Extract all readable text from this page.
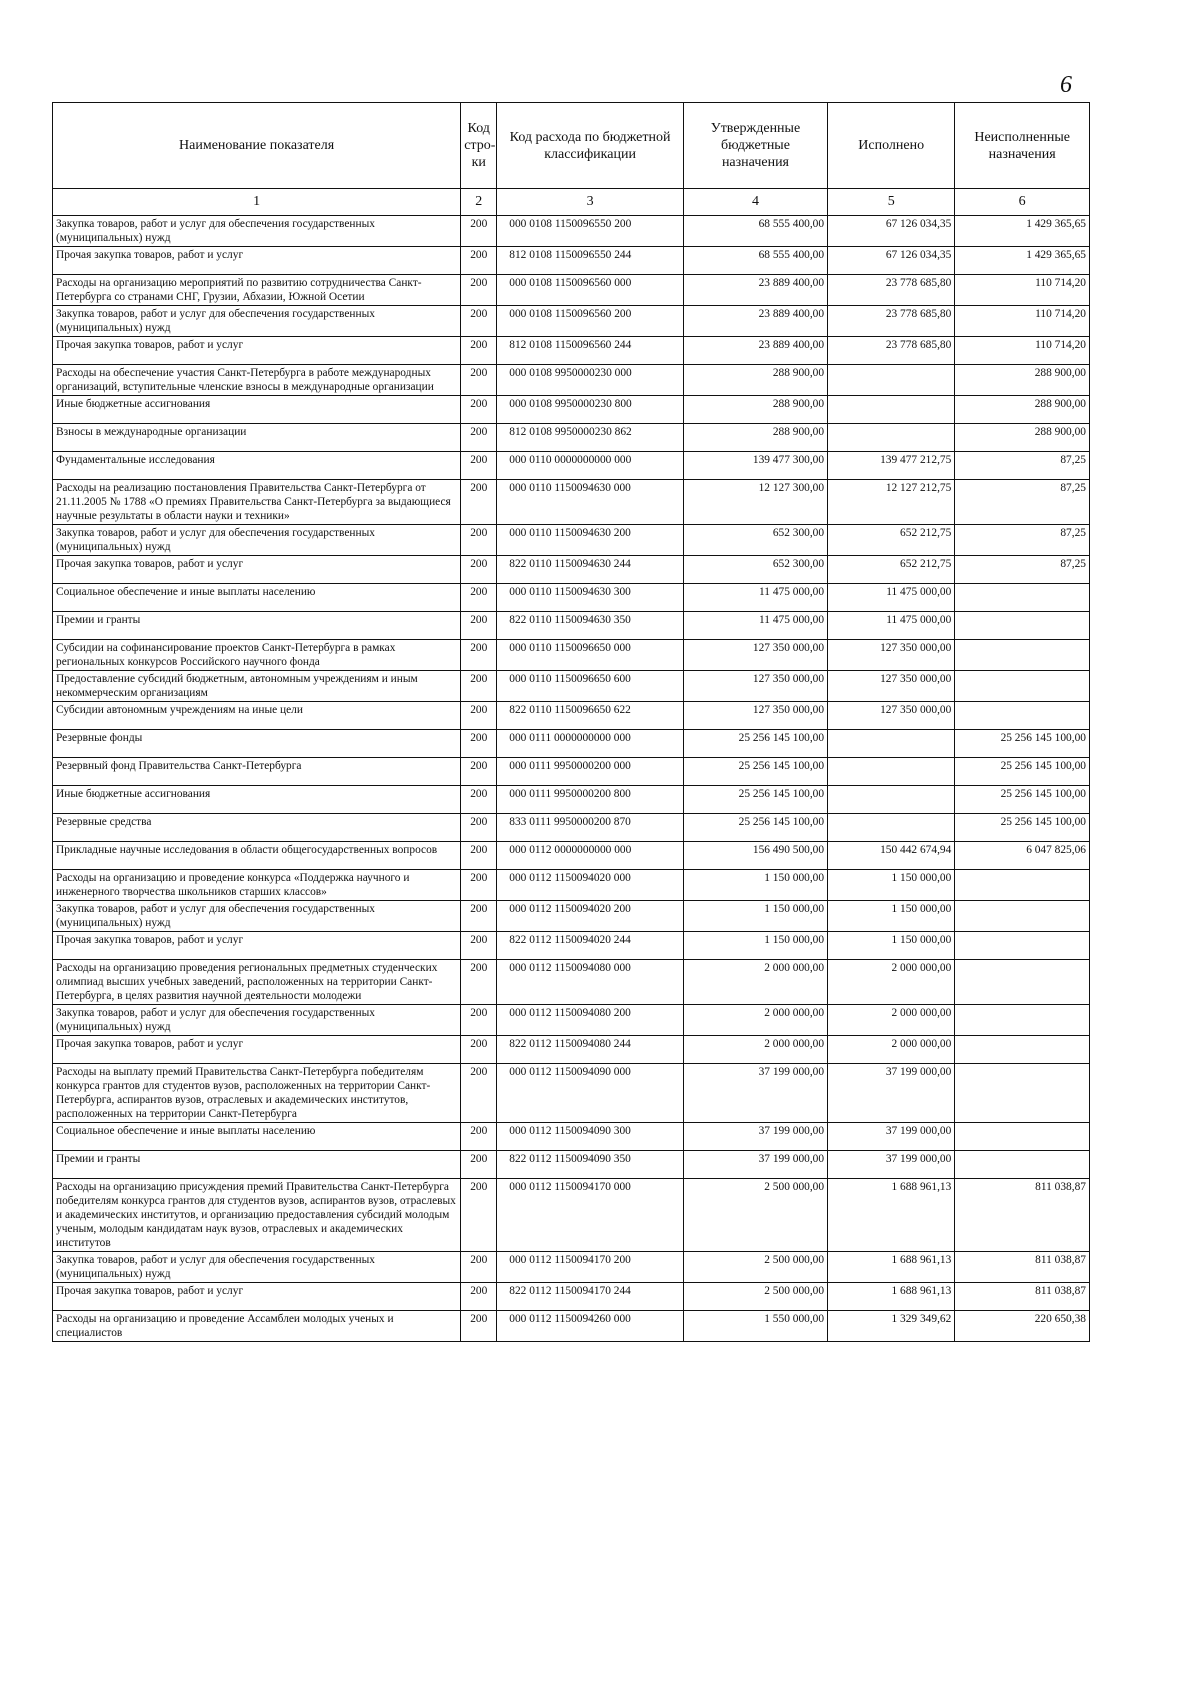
6
Наименование показателя	Код стро-ки	Код расхода по бюджетной классификации	Утвержденные бюджетные назначения	Исполнено	Неисполненные назначения
1	2	3	4	5	6
Закупка товаров, работ и услуг для обеспечения государственных (муниципальных) нужд	200	000 0108 1150096550 200	68 555 400,00	67 126 034,35	1 429 365,65
Прочая закупка товаров, работ и услуг	200	812 0108 1150096550 244	68 555 400,00	67 126 034,35	1 429 365,65
Расходы на организацию мероприятий по развитию сотрудничества Санкт-Петербурга со странами СНГ, Грузии, Абхазии, Южной Осетии	200	000 0108 1150096560 000	23 889 400,00	23 778 685,80	110 714,20
Закупка товаров, работ и услуг для обеспечения государственных (муниципальных) нужд	200	000 0108 1150096560 200	23 889 400,00	23 778 685,80	110 714,20
Прочая закупка товаров, работ и услуг	200	812 0108 1150096560 244	23 889 400,00	23 778 685,80	110 714,20
Расходы на обеспечение участия Санкт-Петербурга в работе международных организаций, вступительные членские взносы в международные организации	200	000 0108 9950000230 000	288 900,00		288 900,00
Иные бюджетные ассигнования	200	000 0108 9950000230 800	288 900,00		288 900,00
Взносы в международные организации	200	812 0108 9950000230 862	288 900,00		288 900,00
Фундаментальные исследования	200	000 0110 0000000000 000	139 477 300,00	139 477 212,75	87,25
Расходы на реализацию постановления Правительства Санкт-Петербурга от 21.11.2005 № 1788 «О премиях Правительства Санкт-Петербурга за выдающиеся научные результаты в области науки и техники»	200	000 0110 1150094630 000	12 127 300,00	12 127 212,75	87,25
Закупка товаров, работ и услуг для обеспечения государственных (муниципальных) нужд	200	000 0110 1150094630 200	652 300,00	652 212,75	87,25
Прочая закупка товаров, работ и услуг	200	822 0110 1150094630 244	652 300,00	652 212,75	87,25
Социальное обеспечение и иные выплаты населению	200	000 0110 1150094630 300	11 475 000,00	11 475 000,00	
Премии и гранты	200	822 0110 1150094630 350	11 475 000,00	11 475 000,00	
Субсидии на софинансирование проектов Санкт-Петербурга в рамках региональных конкурсов Российского научного фонда	200	000 0110 1150096650 000	127 350 000,00	127 350 000,00	
Предоставление субсидий бюджетным, автономным учреждениям и иным некоммерческим организациям	200	000 0110 1150096650 600	127 350 000,00	127 350 000,00	
Субсидии автономным учреждениям на иные цели	200	822 0110 1150096650 622	127 350 000,00	127 350 000,00	
Резервные фонды	200	000 0111 0000000000 000	25 256 145 100,00		25 256 145 100,00
Резервный фонд Правительства Санкт-Петербурга	200	000 0111 9950000200 000	25 256 145 100,00		25 256 145 100,00
Иные бюджетные ассигнования	200	000 0111 9950000200 800	25 256 145 100,00		25 256 145 100,00
Резервные средства	200	833 0111 9950000200 870	25 256 145 100,00		25 256 145 100,00
Прикладные научные исследования в области общегосударственных вопросов	200	000 0112 0000000000 000	156 490 500,00	150 442 674,94	6 047 825,06
Расходы на организацию и проведение конкурса «Поддержка научного и инженерного творчества школьников старших классов»	200	000 0112 1150094020 000	1 150 000,00	1 150 000,00	
Закупка товаров, работ и услуг для обеспечения государственных (муниципальных) нужд	200	000 0112 1150094020 200	1 150 000,00	1 150 000,00	
Прочая закупка товаров, работ и услуг	200	822 0112 1150094020 244	1 150 000,00	1 150 000,00	
Расходы на организацию проведения региональных предметных студенческих олимпиад высших учебных заведений, расположенных на территории Санкт-Петербурга, в целях развития научной деятельности молодежи	200	000 0112 1150094080 000	2 000 000,00	2 000 000,00	
Закупка товаров, работ и услуг для обеспечения государственных (муниципальных) нужд	200	000 0112 1150094080 200	2 000 000,00	2 000 000,00	
Прочая закупка товаров, работ и услуг	200	822 0112 1150094080 244	2 000 000,00	2 000 000,00	
Расходы на выплату премий Правительства Санкт-Петербурга победителям конкурса грантов для студентов вузов, расположенных на территории Санкт-Петербурга, аспирантов вузов, отраслевых и академических институтов, расположенных на территории Санкт-Петербурга	200	000 0112 1150094090 000	37 199 000,00	37 199 000,00	
Социальное обеспечение и иные выплаты населению	200	000 0112 1150094090 300	37 199 000,00	37 199 000,00	
Премии и гранты	200	822 0112 1150094090 350	37 199 000,00	37 199 000,00	
Расходы на организацию присуждения премий Правительства Санкт-Петербурга победителям конкурса грантов для студентов вузов, аспирантов вузов, отраслевых и академических институтов, и организацию предоставления субсидий молодым ученым, молодым кандидатам наук вузов, отраслевых и академических институтов	200	000 0112 1150094170 000	2 500 000,00	1 688 961,13	811 038,87
Закупка товаров, работ и услуг для обеспечения государственных (муниципальных) нужд	200	000 0112 1150094170 200	2 500 000,00	1 688 961,13	811 038,87
Прочая закупка товаров, работ и услуг	200	822 0112 1150094170 244	2 500 000,00	1 688 961,13	811 038,87
Расходы на организацию и проведение Ассамблеи молодых ученых и специалистов	200	000 0112 1150094260 000	1 550 000,00	1 329 349,62	220 650,38
